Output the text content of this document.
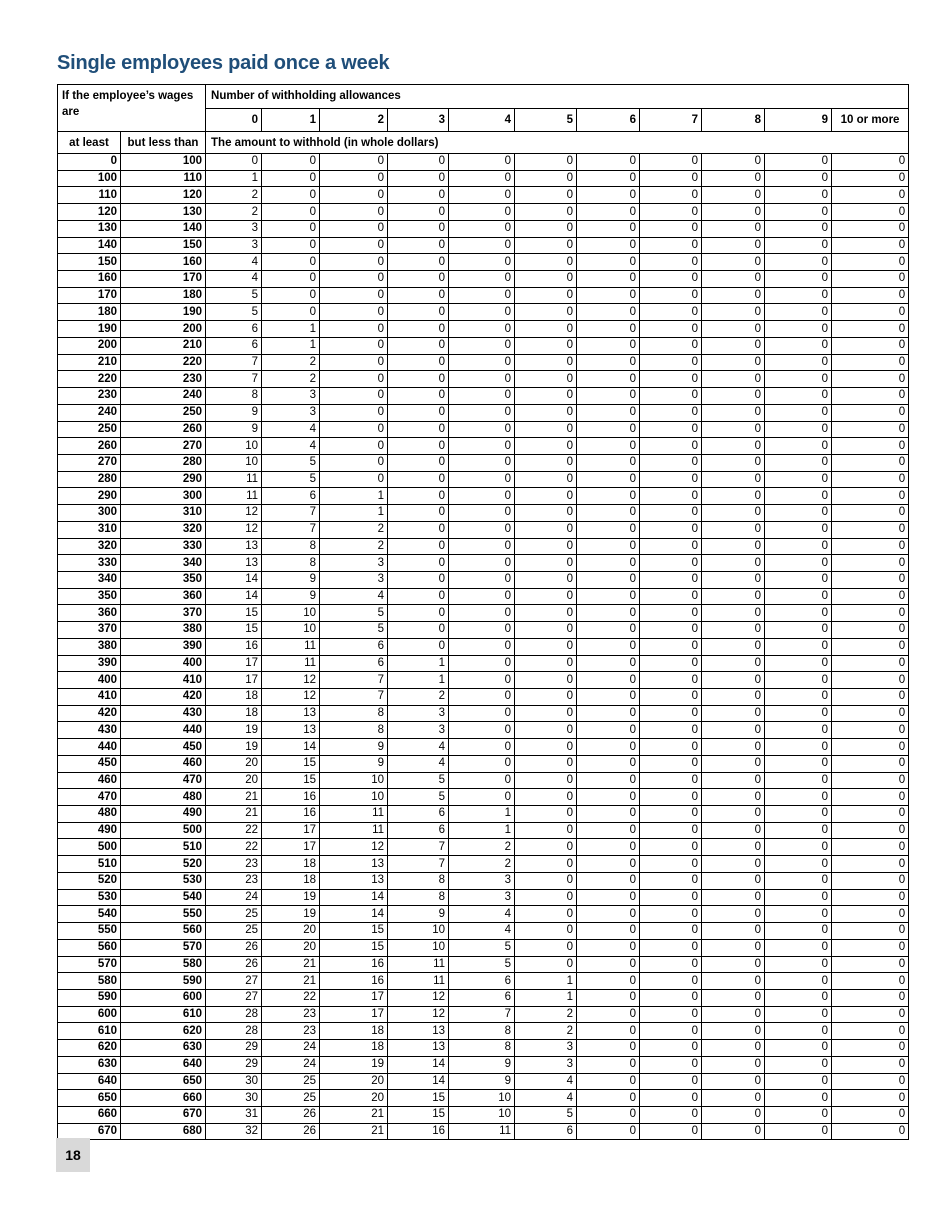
Single employees paid once a week
If the employee’s wages are		Number of withholding allowances										
		0	1	2	3	4	5	6	7	8	9	10 or more
at least	but less than	The amount to withhold (in whole dollars)										
0	100	0	0	0	0	0	0	0	0	0	0	0
100	110	1	0	0	0	0	0	0	0	0	0	0
110	120	2	0	0	0	0	0	0	0	0	0	0
120	130	2	0	0	0	0	0	0	0	0	0	0
130	140	3	0	0	0	0	0	0	0	0	0	0
140	150	3	0	0	0	0	0	0	0	0	0	0
150	160	4	0	0	0	0	0	0	0	0	0	0
160	170	4	0	0	0	0	0	0	0	0	0	0
170	180	5	0	0	0	0	0	0	0	0	0	0
180	190	5	0	0	0	0	0	0	0	0	0	0
190	200	6	1	0	0	0	0	0	0	0	0	0
200	210	6	1	0	0	0	0	0	0	0	0	0
210	220	7	2	0	0	0	0	0	0	0	0	0
220	230	7	2	0	0	0	0	0	0	0	0	0
230	240	8	3	0	0	0	0	0	0	0	0	0
240	250	9	3	0	0	0	0	0	0	0	0	0
250	260	9	4	0	0	0	0	0	0	0	0	0
260	270	10	4	0	0	0	0	0	0	0	0	0
270	280	10	5	0	0	0	0	0	0	0	0	0
280	290	11	5	0	0	0	0	0	0	0	0	0
290	300	11	6	1	0	0	0	0	0	0	0	0
300	310	12	7	1	0	0	0	0	0	0	0	0
310	320	12	7	2	0	0	0	0	0	0	0	0
320	330	13	8	2	0	0	0	0	0	0	0	0
330	340	13	8	3	0	0	0	0	0	0	0	0
340	350	14	9	3	0	0	0	0	0	0	0	0
350	360	14	9	4	0	0	0	0	0	0	0	0
360	370	15	10	5	0	0	0	0	0	0	0	0
370	380	15	10	5	0	0	0	0	0	0	0	0
380	390	16	11	6	0	0	0	0	0	0	0	0
390	400	17	11	6	1	0	0	0	0	0	0	0
400	410	17	12	7	1	0	0	0	0	0	0	0
410	420	18	12	7	2	0	0	0	0	0	0	0
420	430	18	13	8	3	0	0	0	0	0	0	0
430	440	19	13	8	3	0	0	0	0	0	0	0
440	450	19	14	9	4	0	0	0	0	0	0	0
450	460	20	15	9	4	0	0	0	0	0	0	0
460	470	20	15	10	5	0	0	0	0	0	0	0
470	480	21	16	10	5	0	0	0	0	0	0	0
480	490	21	16	11	6	1	0	0	0	0	0	0
490	500	22	17	11	6	1	0	0	0	0	0	0
500	510	22	17	12	7	2	0	0	0	0	0	0
510	520	23	18	13	7	2	0	0	0	0	0	0
520	530	23	18	13	8	3	0	0	0	0	0	0
530	540	24	19	14	8	3	0	0	0	0	0	0
540	550	25	19	14	9	4	0	0	0	0	0	0
550	560	25	20	15	10	4	0	0	0	0	0	0
560	570	26	20	15	10	5	0	0	0	0	0	0
570	580	26	21	16	11	5	0	0	0	0	0	0
580	590	27	21	16	11	6	1	0	0	0	0	0
590	600	27	22	17	12	6	1	0	0	0	0	0
600	610	28	23	17	12	7	2	0	0	0	0	0
610	620	28	23	18	13	8	2	0	0	0	0	0
620	630	29	24	18	13	8	3	0	0	0	0	0
630	640	29	24	19	14	9	3	0	0	0	0	0
640	650	30	25	20	14	9	4	0	0	0	0	0
650	660	30	25	20	15	10	4	0	0	0	0	0
660	670	31	26	21	15	10	5	0	0	0	0	0
670	680	32	26	21	16	11	6	0	0	0	0	0
18
